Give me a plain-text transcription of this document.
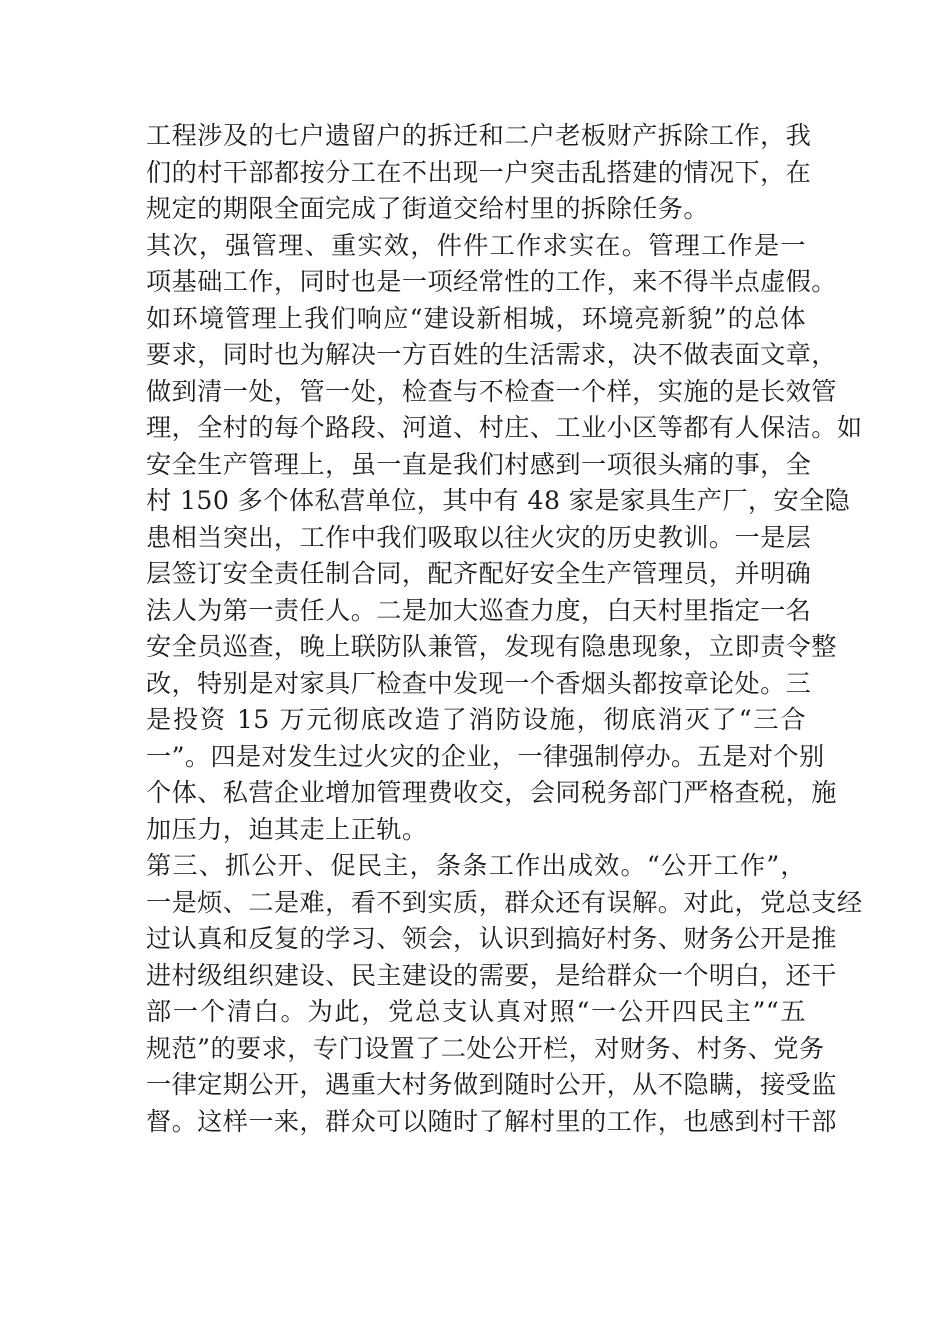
工程涉及的七户遗留户的拆迁和二户老板财产拆除工作，我
们的村干部都按分工在不出现一户突击乱搭建的情况下，在
规定的期限全面完成了街道交给村里的拆除任务。
其次，强管理、重实效，件件工作求实在。管理工作是一
项基础工作，同时也是一项经常性的工作，来不得半点虚假。
如环境管理上我们响应“建设新相城，环境亮新貌”的总体
要求，同时也为解决一方百姓的生活需求，决不做表面文章，
做到清一处，管一处，检查与不检查一个样，实施的是长效管
理，全村的每个路段、河道、村庄、工业小区等都有人保洁。如
安全生产管理上，虽一直是我们村感到一项很头痛的事，全
村 150 多个体私营单位，其中有 48 家是家具生产厂，安全隐
患相当突出，工作中我们吸取以往火灾的历史教训。一是层
层签订安全责任制合同，配齐配好安全生产管理员，并明确
法人为第一责任人。二是加大巡查力度，白天村里指定一名
安全员巡查，晚上联防队兼管，发现有隐患现象，立即责令整
改，特别是对家具厂检查中发现一个香烟头都按章论处。三
是投资 15 万元彻底改造了消防设施，彻底消灭了“三合
一”。四是对发生过火灾的企业，一律强制停办。五是对个别
个体、私营企业增加管理费收交，会同税务部门严格查税，施
加压力，迫其走上正轨。
第三、抓公开、促民主，条条工作出成效。“公开工作”，
一是烦、二是难，看不到实质，群众还有误解。对此，党总支经
过认真和反复的学习、领会，认识到搞好村务、财务公开是推
进村级组织建设、民主建设的需要，是给群众一个明白，还干
部一个清白。为此，党总支认真对照“一公开四民主”“五
规范”的要求，专门设置了二处公开栏，对财务、村务、党务
一律定期公开，遇重大村务做到随时公开，从不隐瞒，接受监
督。这样一来，群众可以随时了解村里的工作，也感到村干部
